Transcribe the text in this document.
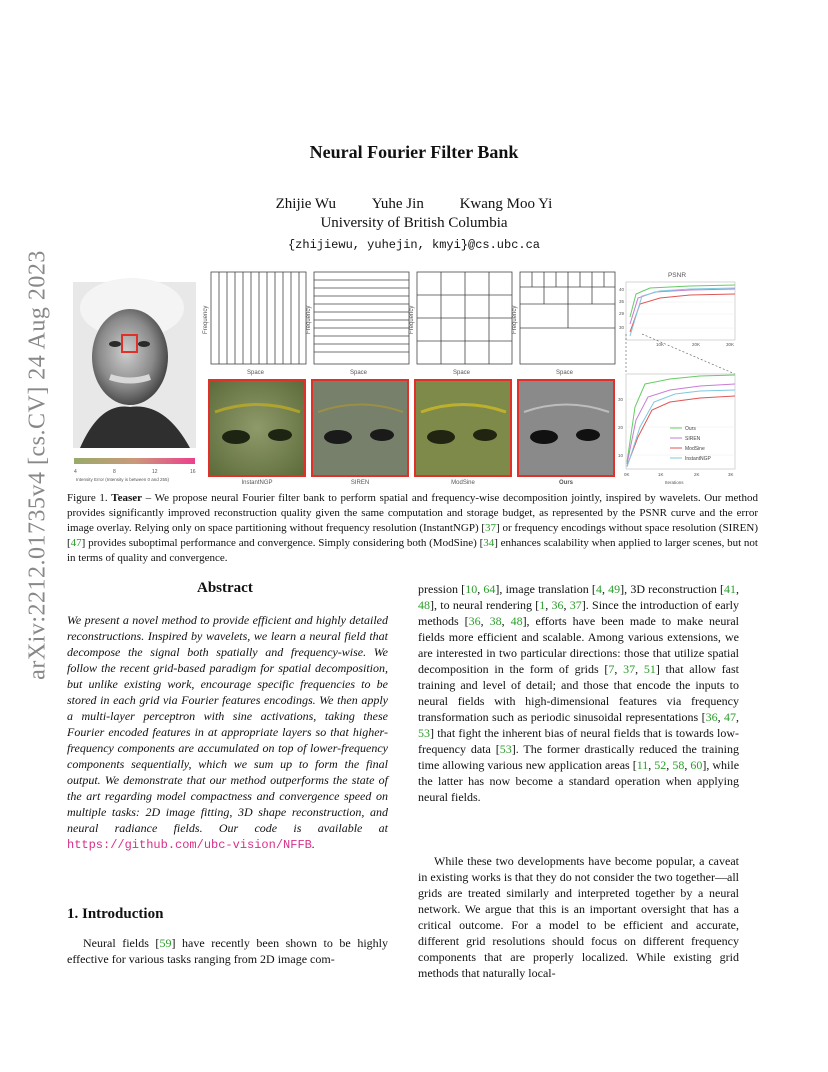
arXiv:2212.01735v4 [cs.CV] 24 Aug 2023
Neural Fourier Filter Bank
Zhijie Wu Yuhe Jin Kwang Moo Yi
University of British Columbia
{zhijiewu, yuhejin, kmyi}@cs.ubc.ca
4	8	12	16
Intensity Error (Intensity is between 0 and 255)
Frequency	Frequency	Frequency	Frequency
Space	Space	Space	Space
InstantNGP	SIREN	ModSine	Ours
PSNR
40
35
29
30
10K	20K	30K
30
20
10
0K	1K	2K	3K
Iterations
Ours
SIREN
ModSine
InstantNGP
Figure 1. Teaser – We propose neural Fourier filter bank to perform spatial and frequency-wise decomposition jointly, inspired by wavelets. Our method provides significantly improved reconstruction quality given the same computation and storage budget, as represented by the PSNR curve and the error image overlay. Relying only on space partitioning without frequency resolution (InstantNGP) [37] or frequency encodings without space resolution (SIREN) [47] provides suboptimal performance and convergence. Simply considering both (ModSine) [34] enhances scalability when applied to larger scenes, but not in terms of quality and convergence.
Abstract
We present a novel method to provide efficient and highly detailed reconstructions. Inspired by wavelets, we learn a neural field that decompose the signal both spatially and frequency-wise. We follow the recent grid-based paradigm for spatial decomposition, but unlike existing work, encourage specific frequencies to be stored in each grid via Fourier features encodings. We then apply a multi-layer perceptron with sine activations, taking these Fourier encoded features in at appropriate layers so that higher-frequency components are accumulated on top of lower-frequency components sequentially, which we sum up to form the final output. We demonstrate that our method outperforms the state of the art regarding model compactness and convergence speed on multiple tasks: 2D image fitting, 3D shape reconstruction, and neural radiance fields. Our code is available at https://github.com/ubc-vision/NFFB.
1. Introduction
Neural fields [59] have recently been shown to be highly effective for various tasks ranging from 2D image com-
pression [10, 64], image translation [4, 49], 3D reconstruction [41, 48], to neural rendering [1, 36, 37]. Since the introduction of early methods [36, 38, 48], efforts have been made to make neural fields more efficient and scalable. Among various extensions, we are interested in two particular directions: those that utilize spatial decomposition in the form of grids [7, 37, 51] that allow fast training and level of detail; and those that encode the inputs to neural fields with high-dimensional features via frequency transformation such as periodic sinusoidal representations [36, 47, 53] that fight the inherent bias of neural fields that is towards low-frequency data [53]. The former drastically reduced the training time allowing various new application areas [11, 52, 58, 60], while the latter has now become a standard operation when applying neural fields.
While these two developments have become popular, a caveat in existing works is that they do not consider the two together—all grids are treated similarly and interpreted together by a neural network. We argue that this is an important oversight that has a critical outcome. For a model to be efficient and accurate, different grid resolutions should focus on different frequency components that are properly localized. While existing grid methods that naturally local-
